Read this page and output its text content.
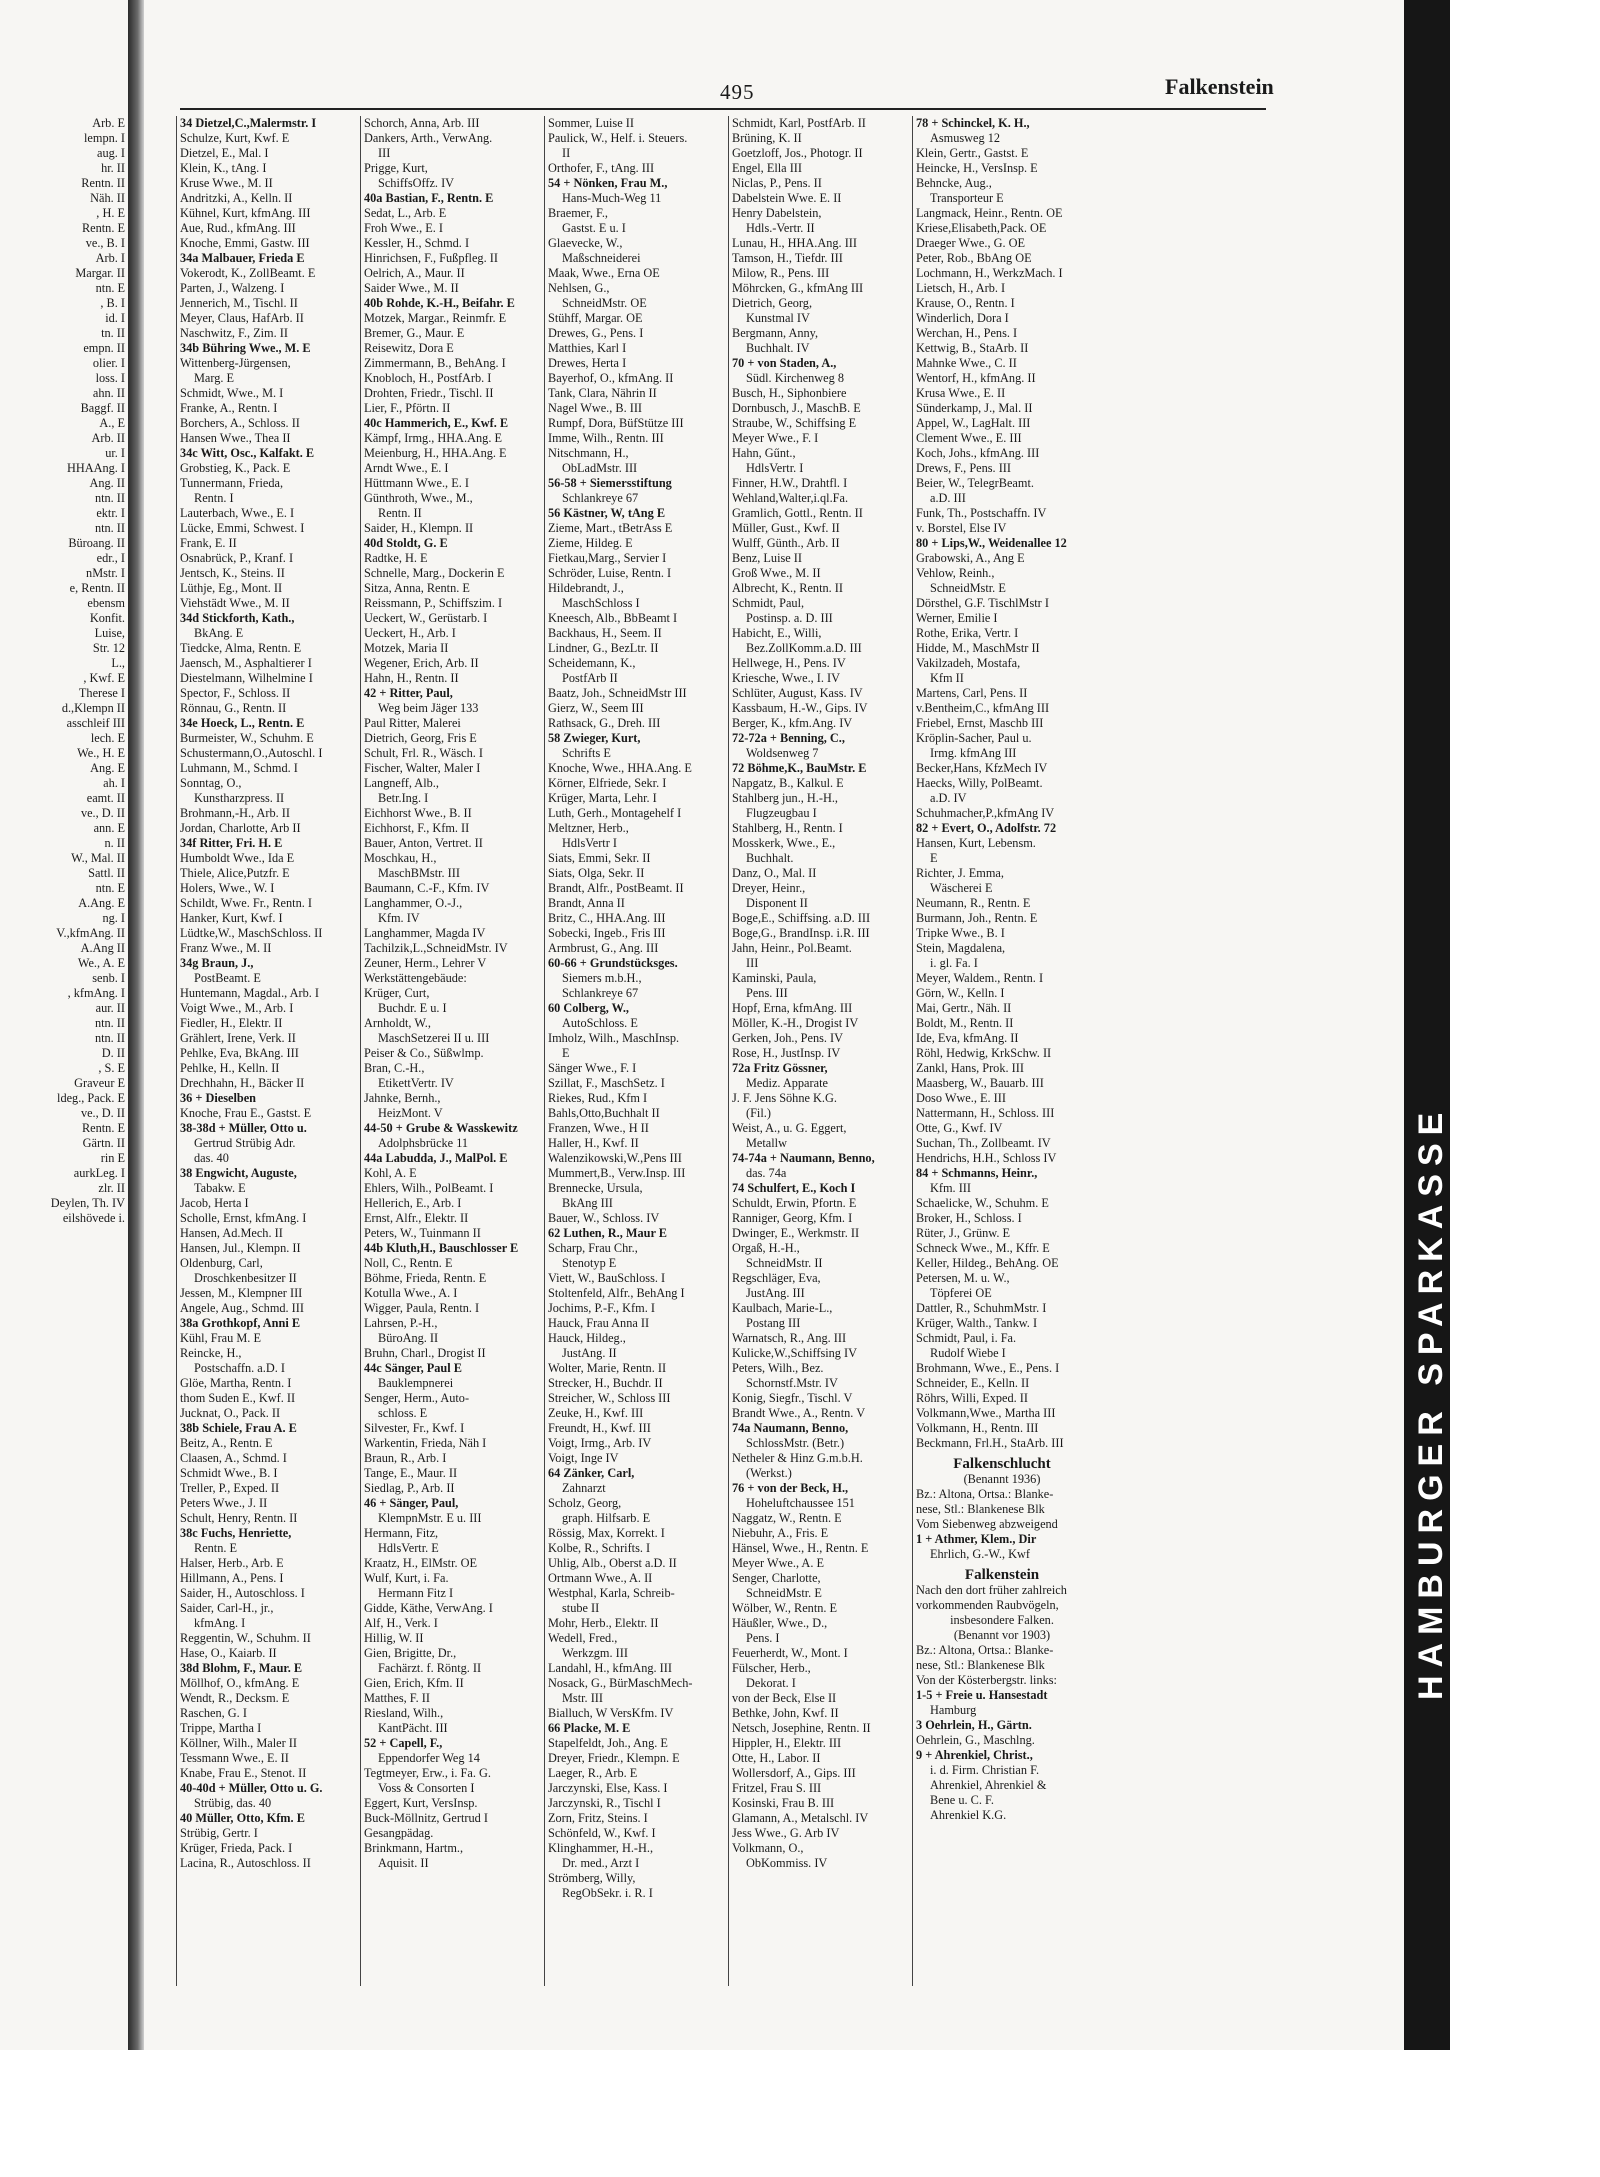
HAMBURGER SPARKASSE
495	Falkenstein
Arb. E
lempn. I
aug. I
hr. II
Rentn. II
Näh. II
, H. E
Rentn. E
ve., B. I
Arb. I
Margar. II
ntn. E
, B. I
id. I
tn. II
empn. II
olier. I
loss. I
ahn. II
Baggf. II
A., E
Arb. II
ur. I
HHAAng. I
Ang. II
ntn. II
ektr. I
ntn. II
Büroang. II
edr., I
nMstr. I
e, Rentn. II
ebensm
Konfit.
Luise,
Str. 12
L.,
, Kwf. E
Therese I
d.,Klempn II
asschleif III
lech. E
We., H. E
Ang. E
ah. I
eamt. II
ve., D. II
ann. E
n. II
W., Mal. II
Sattl. II
ntn. E
A.Ang. E
ng. I
V.,kfmAng. II
A.Ang II
We., A. E
senb. I
, kfmAng. I
aur. II
ntn. II
ntn. II
D. II
, S. E
Graveur E
ldeg., Pack. E
ve., D. II
Rentn. E
Gärtn. II
rin E
aurkLeg. I
zlr. II
Deylen, Th. IV
eilshövede i.
34 Dietzel,C.,Malermstr. I
Schulze, Kurt, Kwf. E
Dietzel, E., Mal. I
Klein, K., tAng. I
Kruse Wwe., M. II
Andritzki, A., Kelln. II
Kühnel, Kurt, kfmAng. III
Aue, Rud., kfmAng. III
Knoche, Emmi, Gastw. III
34a Malbauer, Frieda E
Vokerodt, K., ZollBeamt. E
Parten, J., Walzeng. I
Jennerich, M., Tischl. II
Meyer, Claus, HafArb. II
Naschwitz, F., Zim. II
34b Bühring Wwe., M. E
Wittenberg-Jürgensen,
Marg. E
Schmidt, Wwe., M. I
Franke, A., Rentn. I
Borchers, A., Schloss. II
Hansen Wwe., Thea II
34c Witt, Osc., Kalfakt. E
Grobstieg, K., Pack. E
Tunnermann, Frieda,
Rentn. I
Lauterbach, Wwe., E. I
Lücke, Emmi, Schwest. I
Frank, E. II
Osnabrück, P., Kranf. I
Jentsch, K., Steins. II
Lüthje, Eg., Mont. II
Viehstädt Wwe., M. II
34d Stickforth, Kath.,
BkAng. E
Tiedcke, Alma, Rentn. E
Jaensch, M., Asphaltierer I
Diestelmann, Wilhelmine I
Spector, F., Schloss. II
Rönnau, G., Rentn. II
34e Hoeck, L., Rentn. E
Burmeister, W., Schuhm. E
Schustermann,O.,Autoschl. I
Luhmann, M., Schmd. I
Sonntag, O.,
Kunstharzpress. II
Brohmann,-H., Arb. II
Jordan, Charlotte, Arb II
34f Ritter, Fri. H. E
Humboldt Wwe., Ida E
Thiele, Alice,Putzfr. E
Holers, Wwe., W. I
Schildt, Wwe. Fr., Rentn. I
Hanker, Kurt, Kwf. I
Lüdtke,W., MaschSchloss. II
Franz Wwe., M. II
34g Braun, J.,
PostBeamt. E
Huntemann, Magdal., Arb. I
Voigt Wwe., M., Arb. I
Fiedler, H., Elektr. II
Grählert, Irene, Verk. II
Pehlke, Eva, BkAng. III
Pehlke, H., Kelln. II
Drechhahn, H., Bäcker II
36 + Dieselben
Knoche, Frau E., Gastst. E
38-38d + Müller, Otto u.
Gertrud Strübig Adr.
das. 40
38 Engwicht, Auguste,
Tabakw. E
Jacob, Herta I
Scholle, Ernst, kfmAng. I
Hansen, Ad.Mech. II
Hansen, Jul., Klempn. II
Oldenburg, Carl,
Droschkenbesitzer II
Jessen, M., Klempner III
Angele, Aug., Schmd. III
38a Grothkopf, Anni E
Kühl, Frau M. E
Reincke, H.,
Postschaffn. a.D. I
Glöe, Martha, Rentn. I
thom Suden E., Kwf. II
Jucknat, O., Pack. II
38b Schiele, Frau A. E
Beitz, A., Rentn. E
Claasen, A., Schmd. I
Schmidt Wwe., B. I
Treller, P., Exped. II
Peters Wwe., J. II
Schult, Henry, Rentn. II
38c Fuchs, Henriette,
Rentn. E
Halser, Herb., Arb. E
Hillmann, A., Pens. I
Saider, H., Autoschloss. I
Saider, Carl-H., jr.,
kfmAng. I
Reggentin, W., Schuhm. II
Hase, O., Kaiarb. II
38d Blohm, F., Maur. E
Möllhof, O., kfmAng. E
Wendt, R., Decksm. E
Raschen, G. I
Trippe, Martha I
Köllner, Wilh., Maler II
Tessmann Wwe., E. II
Knabe, Frau E., Stenot. II
40-40d + Müller, Otto u. G.
Strübig, das. 40
40 Müller, Otto, Kfm. E
Strübig, Gertr. I
Krüger, Frieda, Pack. I
Lacina, R., Autoschloss. II
Schorch, Anna, Arb. III
Dankers, Arth., VerwAng.
III
Prigge, Kurt,
SchiffsOffz. IV
40a Bastian, F., Rentn. E
Sedat, L., Arb. E
Froh Wwe., E. I
Kessler, H., Schmd. I
Hinrichsen, F., Fußpfleg. II
Oelrich, A., Maur. II
Saider Wwe., M. II
40b Rohde, K.-H., Beifahr. E
Motzek, Margar., Reinmfr. E
Bremer, G., Maur. E
Reisewitz, Dora E
Zimmermann, B., BehAng. I
Knobloch, H., PostfArb. I
Drohten, Friedr., Tischl. II
Lier, F., Pförtn. II
40c Hammerich, E., Kwf. E
Kämpf, Irmg., HHA.Ang. E
Meienburg, H., HHA.Ang. E
Arndt Wwe., E. I
Hüttmann Wwe., E. I
Günthroth, Wwe., M.,
Rentn. II
Saider, H., Klempn. II
40d Stoldt, G. E
Radtke, H. E
Schnelle, Marg., Dockerin E
Sitza, Anna, Rentn. E
Reissmann, P., Schiffszim. I
Ueckert, W., Gerüstarb. I
Ueckert, H., Arb. I
Motzek, Maria II
Wegener, Erich, Arb. II
Hahn, H., Rentn. II
42 + Ritter, Paul,
Weg beim Jäger 133
Paul Ritter, Malerei
Dietrich, Georg, Fris E
Schult, Frl. R., Wäsch. I
Fischer, Walter, Maler I
Langneff, Alb.,
Betr.Ing. I
Eichhorst Wwe., B. II
Eichhorst, F., Kfm. II
Bauer, Anton, Vertret. II
Moschkau, H.,
MaschBMstr. III
Baumann, C.-F., Kfm. IV
Langhammer, O.-J.,
Kfm. IV
Langhammer, Magda IV
Tachilzik,L.,SchneidMstr. IV
Zeuner, Herm., Lehrer V
Werkstättengebäude:
Krüger, Curt,
Buchdr. E u. I
Arnholdt, W.,
MaschSetzerei II u. III
Peiser & Co., Süßwlmp.
Bran, C.-H.,
EtikettVertr. IV
Jahnke, Bernh.,
HeizMont. V
44-50 + Grube & Wasskewitz
Adolphsbrücke 11
44a Labudda, J., MalPol. E
Kohl, A. E
Ehlers, Wilh., PolBeamt. I
Hellerich, E., Arb. I
Ernst, Alfr., Elektr. II
Peters, W., Tuinmann II
44b Kluth,H., Bauschlosser E
Noll, C., Rentn. E
Böhme, Frieda, Rentn. E
Kotulla Wwe., A. I
Wigger, Paula, Rentn. I
Lahrsen, P.-H.,
BüroAng. II
Bruhn, Charl., Drogist II
44c Sänger, Paul E
Bauklempnerei
Senger, Herm., Auto-
schloss. E
Silvester, Fr., Kwf. I
Warkentin, Frieda, Näh I
Braun, R., Arb. I
Tange, E., Maur. II
Siedlag, P., Arb. II
46 + Sänger, Paul,
KlempnMstr. E u. III
Hermann, Fitz,
HdlsVertr. E
Kraatz, H., ElMstr. OE
Wulf, Kurt, i. Fa.
Hermann Fitz I
Gidde, Käthe, VerwAng. I
Alf, H., Verk. I
Hillig, W. II
Gien, Brigitte, Dr.,
Fachärzt. f. Röntg. II
Gien, Erich, Kfm. II
Matthes, F. II
Riesland, Wilh.,
KantPächt. III
52 + Capell, F.,
Eppendorfer Weg 14
Tegtmeyer, Erw., i. Fa. G.
Voss & Consorten I
Eggert, Kurt, VersInsp.
Buck-Möllnitz, Gertrud I
Gesangpädag.
Brinkmann, Hartm.,
Aquisit. II
Sommer, Luise II
Paulick, W., Helf. i. Steuers.
II
Orthofer, F., tAng. III
54 + Nönken, Frau M.,
Hans-Much-Weg 11
Braemer, F.,
Gastst. E u. I
Glaevecke, W.,
Maßschneiderei
Maak, Wwe., Erna OE
Nehlsen, G.,
SchneidMstr. OE
Stühff, Margar. OE
Drewes, G., Pens. I
Matthies, Karl I
Drewes, Herta I
Bayerhof, O., kfmAng. II
Tank, Clara, Nährin II
Nagel Wwe., B. III
Rumpf, Dora, BüfStütze III
Imme, Wilh., Rentn. III
Nitschmann, H.,
ObLadMstr. III
56-58 + Siemersstiftung
Schlankreye 67
56 Kästner, W, tAng E
Zieme, Mart., tBetrAss E
Zieme, Hildeg. E
Fietkau,Marg., Servier I
Schröder, Luise, Rentn. I
Hildebrandt, J.,
MaschSchloss I
Kneesch, Alb., BbBeamt I
Backhaus, H., Seem. II
Lindner, G., BezLtr. II
Scheidemann, K.,
PostfArb II
Baatz, Joh., SchneidMstr III
Gierz, W., Seem III
Rathsack, G., Dreh. III
58 Zwieger, Kurt,
Schrifts E
Knoche, Wwe., HHA.Ang. E
Körner, Elfriede, Sekr. I
Krüger, Marta, Lehr. I
Luth, Gerh., Montagehelf I
Meltzner, Herb.,
HdlsVertr I
Siats, Emmi, Sekr. II
Siats, Olga, Sekr. II
Brandt, Alfr., PostBeamt. II
Brandt, Anna II
Britz, C., HHA.Ang. III
Sobecki, Ingeb., Fris III
Armbrust, G., Ang. III
60-66 + Grundstücksges.
Siemers m.b.H.,
Schlankreye 67
60 Colberg, W.,
AutoSchloss. E
Imholz, Wilh., MaschInsp.
E
Sänger Wwe., F. I
Szillat, F., MaschSetz. I
Riekes, Rud., Kfm I
Bahls,Otto,Buchhalt II
Franzen, Wwe., H II
Haller, H., Kwf. II
Walenzikowski,W.,Pens III
Mummert,B., Verw.Insp. III
Brennecke, Ursula,
BkAng III
Bauer, W., Schloss. IV
62 Luthen, R., Maur E
Scharp, Frau Chr.,
Stenotyp E
Viett, W., BauSchloss. I
Stoltenfeld, Alfr., BehAng I
Jochims, P.-F., Kfm. I
Hauck, Frau Anna II
Hauck, Hildeg.,
JustAng. II
Wolter, Marie, Rentn. II
Strecker, H., Buchdr. II
Streicher, W., Schloss III
Zeuke, H., Kwf. III
Freundt, H., Kwf. III
Voigt, Irmg., Arb. IV
Voigt, Inge IV
64 Zänker, Carl,
Zahnarzt
Scholz, Georg,
graph. Hilfsarb. E
Rössig, Max, Korrekt. I
Kolbe, R., Schrifts. I
Uhlig, Alb., Oberst a.D. II
Ortmann Wwe., A. II
Westphal, Karla, Schreib-
stube II
Mohr, Herb., Elektr. II
Wedell, Fred.,
Werkzgm. III
Landahl, H., kfmAng. III
Nosack, G., BürMaschMech-
Mstr. III
Bialluch, W VersKfm. IV
66 Placke, M. E
Stapelfeldt, Joh., Ang. E
Dreyer, Friedr., Klempn. E
Laeger, R., Arb. E
Jarczynski, Else, Kass. I
Jarczynski, R., Tischl I
Zorn, Fritz, Steins. I
Schönfeld, W., Kwf. I
Klinghammer, H.-H.,
Dr. med., Arzt I
Strömberg, Willy,
RegObSekr. i. R. I
Schmidt, Karl, PostfArb. II
Brüning, K. II
Goetzloff, Jos., Photogr. II
Engel, Ella III
Niclas, P., Pens. II
Dabelstein Wwe. E. II
Henry Dabelstein,
Hdls.-Vertr. II
Lunau, H., HHA.Ang. III
Tamson, H., Tiefdr. III
Milow, R., Pens. III
Möhrcken, G., kfmAng III
Dietrich, Georg,
Kunstmal IV
Bergmann, Anny,
Buchhalt. IV
70 + von Staden, A.,
Südl. Kirchenweg 8
Busch, H., Siphonbiere
Dornbusch, J., MaschB. E
Straube, W., Schiffsing E
Meyer Wwe., F. I
Hahn, Gűnt.,
HdlsVertr. I
Finner, H.W., Drahtfl. I
Wehland,Walter,i.ql.Fa.
Gramlich, Gottl., Rentn. II
Müller, Gust., Kwf. II
Wulff, Günth., Arb. II
Benz, Luise II
Groß Wwe., M. II
Albrecht, K., Rentn. II
Schmidt, Paul,
Postinsp. a. D. III
Habicht, E., Willi,
Bez.ZollKomm.a.D. III
Hellwege, H., Pens. IV
Kriesche, Wwe., I. IV
Schlüter, August, Kass. IV
Kassbaum, H.-W., Gips. IV
Berger, K., kfm.Ang. IV
72-72a + Benning, C.,
Woldsenweg 7
72 Böhme,K., BauMstr. E
Napgatz, B., Kalkul. E
Stahlberg jun., H.-H.,
Flugzeugbau I
Stahlberg, H., Rentn. I
Mosskerk, Wwe., E.,
Buchhalt.
Danz, O., Mal. II
Dreyer, Heinr.,
Disponent II
Boge,E., Schiffsing. a.D. III
Boge,G., BrandInsp. i.R. III
Jahn, Heinr., Pol.Beamt.
III
Kaminski, Paula,
Pens. III
Hopf, Erna, kfmAng. III
Möller, K.-H., Drogist IV
Gerken, Joh., Pens. IV
Rose, H., JustInsp. IV
72a Fritz Gössner,
Mediz. Apparate
J. F. Jens Söhne K.G.
(Fil.)
Weist, A., u. G. Eggert,
Metallw
74-74a + Naumann, Benno,
das. 74a
74 Schulfert, E., Koch I
Schuldt, Erwin, Pfortn. E
Ranniger, Georg, Kfm. I
Dwinger, E., Werkmstr. II
Orgaß, H.-H.,
SchneidMstr. II
Regschläger, Eva,
JustAng. III
Kaulbach, Marie-L.,
Postang III
Warnatsch, R., Ang. III
Kulicke,W.,Schiffsing IV
Peters, Wilh., Bez.
Schornstf.Mstr. IV
Konig, Siegfr., Tischl. V
Brandt Wwe., A., Rentn. V
74a Naumann, Benno,
SchlossMstr. (Betr.)
Netheler & Hinz G.m.b.H.
(Werkst.)
76 + von der Beck, H.,
Hoheluftchaussee 151
Naggatz, W., Rentn. E
Niebuhr, A., Fris. E
Hänsel, Wwe., H., Rentn. E
Meyer Wwe., A. E
Senger, Charlotte,
SchneidMstr. E
Wölber, W., Rentn. E
Häußler, Wwe., D.,
Pens. I
Feuerherdt, W., Mont. I
Fülscher, Herb.,
Dekorat. I
von der Beck, Else II
Bethke, John, Kwf. II
Netsch, Josephine, Rentn. II
Hippler, H., Elektr. III
Otte, H., Labor. II
Wollersdorf, A., Gips. III
Fritzel, Frau S. III
Kosinski, Frau B. III
Glamann, A., Metalschl. IV
Jess Wwe., G. Arb IV
Volkmann, O.,
ObKommiss. IV
78 + Schinckel, K. H.,
Asmusweg 12
Klein, Gertr., Gastst. E
Heincke, H., VersInsp. E
Behncke, Aug.,
Transporteur E
Langmack, Heinr., Rentn. OE
Kriese,Elisabeth,Pack. OE
Draeger Wwe., G. OE
Peter, Rob., BbAng OE
Lochmann, H., WerkzMach. I
Lietsch, H., Arb. I
Krause, O., Rentn. I
Winderlich, Dora I
Werchan, H., Pens. I
Kettwig, B., StaArb. II
Mahnke Wwe., C. II
Wentorf, H., kfmAng. II
Krusa Wwe., E. II
Sünderkamp, J., Mal. II
Appel, W., LagHalt. III
Clement Wwe., E. III
Koch, Johs., kfmAng. III
Drews, F., Pens. III
Beier, W., TelegrBeamt.
a.D. III
Funk, Th., Postschaffn. IV
v. Borstel, Else IV
80 + Lips,W., Weidenallee 12
Grabowski, A., Ang E
Vehlow, Reinh.,
SchneidMstr. E
Dörsthel, G.F. TischlMstr I
Werner, Emilie I
Rothe, Erika, Vertr. I
Hidde, M., MaschMstr II
Vakilzadeh, Mostafa,
Kfm II
Martens, Carl, Pens. II
v.Bentheim,C., kfmAng III
Friebel, Ernst, Maschb III
Kröplin-Sacher, Paul u.
Irmg. kfmAng III
Becker,Hans, KfzMech IV
Haecks, Willy, PolBeamt.
a.D. IV
Schuhmacher,P.,kfmAng IV
82 + Evert, O., Adolfstr. 72
Hansen, Kurt, Lebensm.
E
Richter, J. Emma,
Wäscherei E
Neumann, R., Rentn. E
Burmann, Joh., Rentn. E
Tripke Wwe., B. I
Stein, Magdalena,
i. gl. Fa. I
Meyer, Waldem., Rentn. I
Görn, W., Kelln. I
Mai, Gertr., Näh. II
Boldt, M., Rentn. II
Ide, Eva, kfmAng. II
Röhl, Hedwig, KrkSchw. II
Zankl, Hans, Prok. III
Maasberg, W., Bauarb. III
Doso Wwe., E. III
Nattermann, H., Schloss. III
Otte, G., Kwf. IV
Suchan, Th., Zollbeamt. IV
Hendrichs, H.H., Schloss IV
84 + Schmanns, Heinr.,
Kfm. III
Schaelicke, W., Schuhm. E
Broker, H., Schloss. I
Rüter, J., Grünw. E
Schneck Wwe., M., Kffr. E
Keller, Hildeg., BehAng. OE
Petersen, M. u. W.,
Töpferei OE
Dattler, R., SchuhmMstr. I
Krüger, Walth., Tankw. I
Schmidt, Paul, i. Fa.
Rudolf Wiebe I
Brohmann, Wwe., E., Pens. I
Schneider, E., Kelln. II
Röhrs, Willi, Exped. II
Volkmann,Wwe., Martha III
Volkmann, H., Rentn. III
Beckmann, Frl.H., StaArb. III
Falkenschlucht
(Benannt 1936)
Bz.: Altona, Ortsa.: Blanke-
nese, Stl.: Blankenese Blk
Vom Siebenweg abzweigend
1 + Athmer, Klem., Dir
Ehrlich, G.-W., Kwf
Falkenstein
Nach den dort früher zahlreich
vorkommenden Raubvögeln,
insbesondere Falken.
(Benannt vor 1903)
Bz.: Altona, Ortsa.: Blanke-
nese, Stl.: Blankenese Blk
Von der Kösterbergstr. links:
1-5 + Freie u. Hansestadt
Hamburg
3 Oehrlein, H., Gärtn.
Oehrlein, G., Maschlng.
9 + Ahrenkiel, Christ.,
i. d. Firm. Christian F.
Ahrenkiel, Ahrenkiel &
Bene u. C. F.
Ahrenkiel K.G.
